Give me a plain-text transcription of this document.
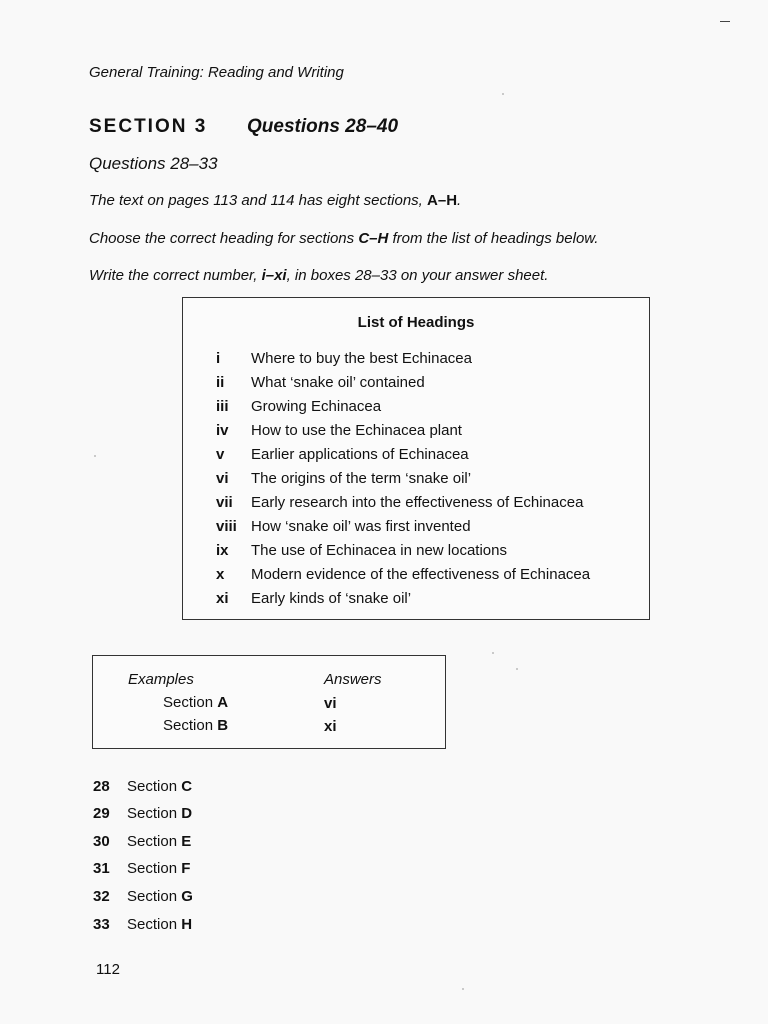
General Training: Reading and Writing
SECTION 3 Questions 28–40
Questions 28–33
The text on pages 113 and 114 has eight sections, A–H.
Choose the correct heading for sections C–H from the list of headings below.
Write the correct number, i–xi, in boxes 28–33 on your answer sheet.
List of Headings
i Where to buy the best Echinacea
ii What ‘snake oil’ contained
iii Growing Echinacea
iv How to use the Echinacea plant
v Earlier applications of Echinacea
vi The origins of the term ‘snake oil’
vii Early research into the effectiveness of Echinacea
viii How ‘snake oil’ was first invented
ix The use of Echinacea in new locations
x Modern evidence of the effectiveness of Echinacea
xi Early kinds of ‘snake oil’
Examples	Answers
Section A	vi
Section B	xi
28 Section C
29 Section D
30 Section E
31 Section F
32 Section G
33 Section H
112
